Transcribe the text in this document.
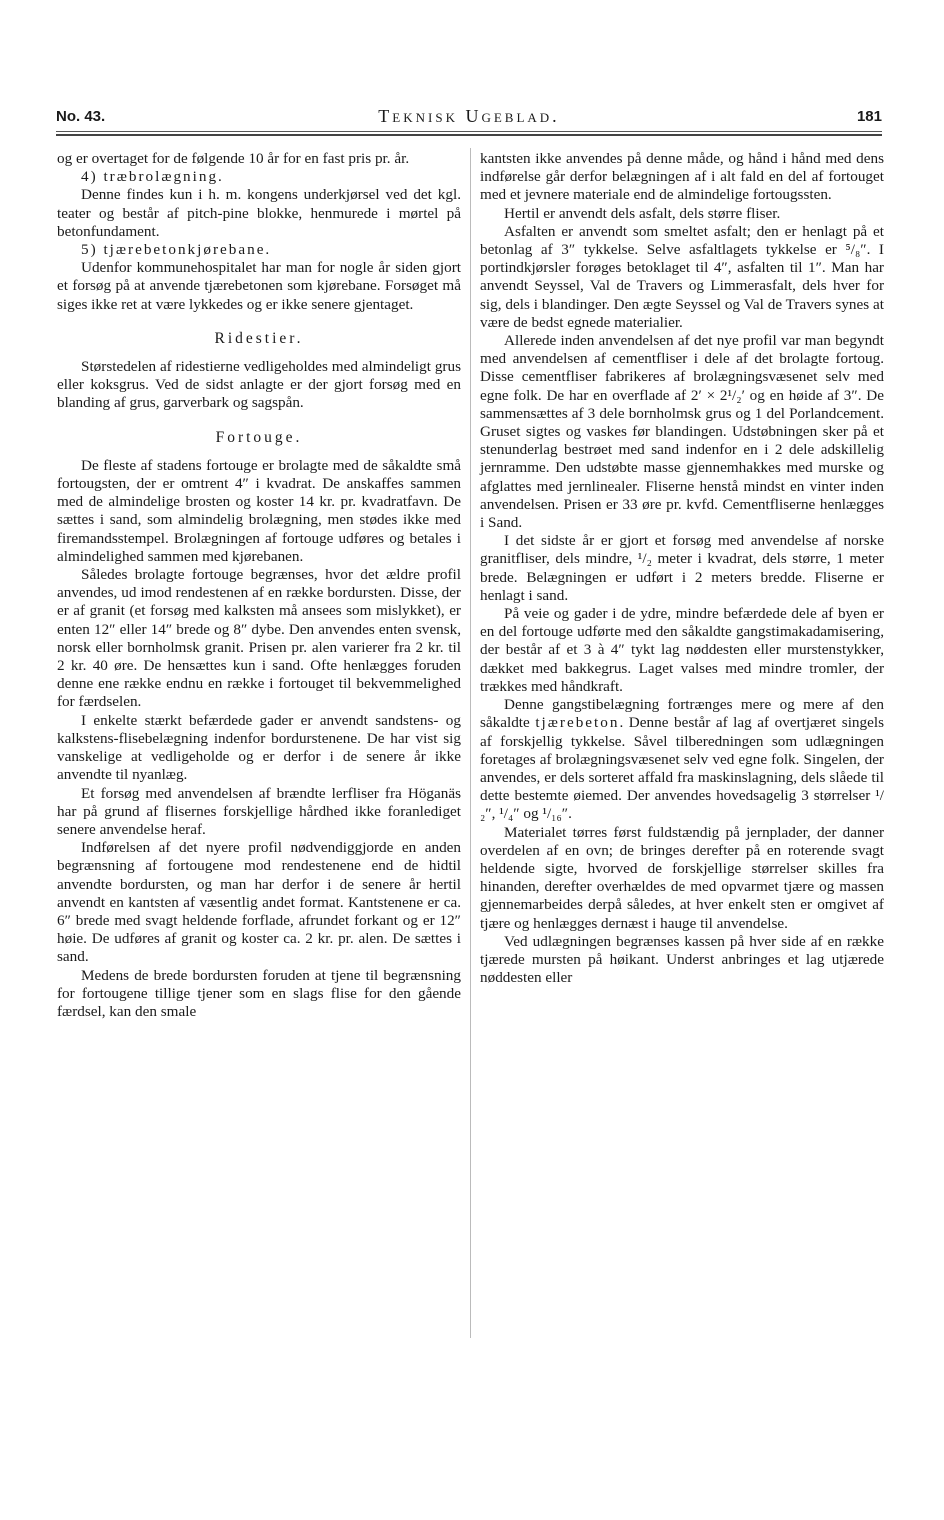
No. 43.	Teknisk Ugeblad.	181

og er overtaget for de følgende 10 år for en fast pris pr. år.

4) træbrolægning.

Denne findes kun i h. m. kongens underkjørsel ved det kgl. teater og består af pitch-pine blokke, henmurede i mørtel på betonfundament.

5) tjærebetonkjørebane.

Udenfor kommunehospitalet har man for nogle år siden gjort et forsøg på at anvende tjærebetonen som kjørebane. Forsøget må siges ikke ret at være lykkedes og er ikke senere gjentaget.

Ridestier.

Størstedelen af ridestierne vedligeholdes med almindeligt grus eller koksgrus. Ved de sidst anlagte er der gjort forsøg med en blanding af grus, garverbark og sagspån.

Fortouge.

De fleste af stadens fortouge er brolagte med de såkaldte små fortougsten, der er omtrent 4″ i kvadrat. De anskaffes sammen med de almindelige brosten og koster 14 kr. pr. kvadratfavn. De sættes i sand, som almindelig brolægning, men stødes ikke med firemandsstempel. Brolægningen af fortouge udføres og betales i almindelighed sammen med kjørebanen.

Således brolagte fortouge begrænses, hvor det ældre profil anvendes, ud imod rendestenen af en række bordursten. Disse, der er af granit (et forsøg med kalksten må ansees som mislykket), er enten 12″ eller 14″ brede og 8″ dybe. Den anvendes enten svensk, norsk eller bornholmsk granit. Prisen pr. alen varierer fra 2 kr. til 2 kr. 40 øre. De hensættes kun i sand. Ofte henlægges foruden denne ene række endnu en række i fortouget til bekvemmelighed for færdselen.

I enkelte stærkt befærdede gader er anvendt sandstens- og kalkstens-flisebelægning indenfor bordurstenene. De har vist sig vanskelige at vedligeholde og er derfor i de senere år ikke anvendte til nyanlæg.

Et forsøg med anvendelsen af brændte lerfliser fra Höganäs har på grund af flisernes forskjellige hårdhed ikke foranlediget senere anvendelse heraf.

Indførelsen af det nyere profil nødvendiggjorde en anden begrænsning af fortougene mod rendestenene end de hidtil anvendte bordursten, og man har derfor i de senere år hertil anvendt en kantsten af væsentlig andet format. Kantstenene er ca. 6″ brede med svagt heldende forflade, afrundet forkant og er 12″ høie. De udføres af granit og koster ca. 2 kr. pr. alen. De sættes i sand.

Medens de brede bordursten foruden at tjene til begrænsning for fortougene tillige tjener som en slags flise for den gående færdsel, kan den smale

kantsten ikke anvendes på denne måde, og hånd i hånd med dens indførelse går derfor belægningen af i alt fald en del af fortouget med et jevnere materiale end de almindelige fortougssten.

Hertil er anvendt dels asfalt, dels større fliser.

Asfalten er anvendt som smeltet asfalt; den er henlagt på et betonlag af 3″ tykkelse. Selve asfaltlagets tykkelse er ⁵/₈″. I portindkjørsler forøges betoklaget til 4″, asfalten til 1″. Man har anvendt Seyssel, Val de Travers og Limmerasfalt, dels hver for sig, dels i blandinger. Den ægte Seyssel og Val de Travers synes at være de bedst egnede materialier.

Allerede inden anvendelsen af det nye profil var man begyndt med anvendelsen af cementfliser i dele af det brolagte fortoug. Disse cementfliser fabrikeres af brolægningsvæsenet selv med egne folk. De har en overflade af 2′ × 2¹/₂′ og en høide af 3″. De sammensættes af 3 dele bornholmsk grus og 1 del Porlandcement. Gruset sigtes og vaskes før blandingen. Udstøbningen sker på et stenunderlag bestrøet med sand indenfor en i 2 dele adskillelig jernramme. Den udstøbte masse gjennemhakkes med murske og afglattes med jernlinealer. Fliserne henstå mindst en vinter inden anvendelsen. Prisen er 33 øre pr. kvfd. Cementfliserne henlægges i Sand.

I det sidste år er gjort et forsøg med anvendelse af norske granitfliser, dels mindre, ¹/₂ meter i kvadrat, dels større, 1 meter brede. Belægningen er udført i 2 meters bredde. Fliserne er henlagt i sand.

På veie og gader i de ydre, mindre befærdede dele af byen er en del fortouge udførte med den såkaldte gangstimakadamisering, der består af et 3 à 4″ tykt lag nøddesten eller murstenstykker, dækket med bakkegrus. Laget valses med mindre tromler, der trækkes med håndkraft.

Denne gangstibelægning fortrænges mere og mere af den såkaldte tjærebeton. Denne består af lag af overtjæret singels af forskjellig tykkelse. Såvel tilberedningen som udlægningen foretages af brolægningsvæsenet selv ved egne folk. Singelen, der anvendes, er dels sorteret affald fra maskinslagning, dels slåede til dette bestemte øiemed. Der anvendes hovedsagelig 3 størrelser ¹/₂″, ¹/₄″ og ¹/₁₆″.

Materialet tørres først fuldstændig på jernplader, der danner overdelen af en ovn; de bringes derefter på en roterende svagt heldende sigte, hvorved de forskjellige størrelser skilles fra hinanden, derefter overhældes de med opvarmet tjære og massen gjennemarbeides derpå således, at hver enkelt sten er omgivet af tjære og henlægges dernæst i hauge til anvendelse.

Ved udlægningen begrænses kassen på hver side af en række tjærede mursten på høikant. Underst anbringes et lag utjærede nøddesten eller
